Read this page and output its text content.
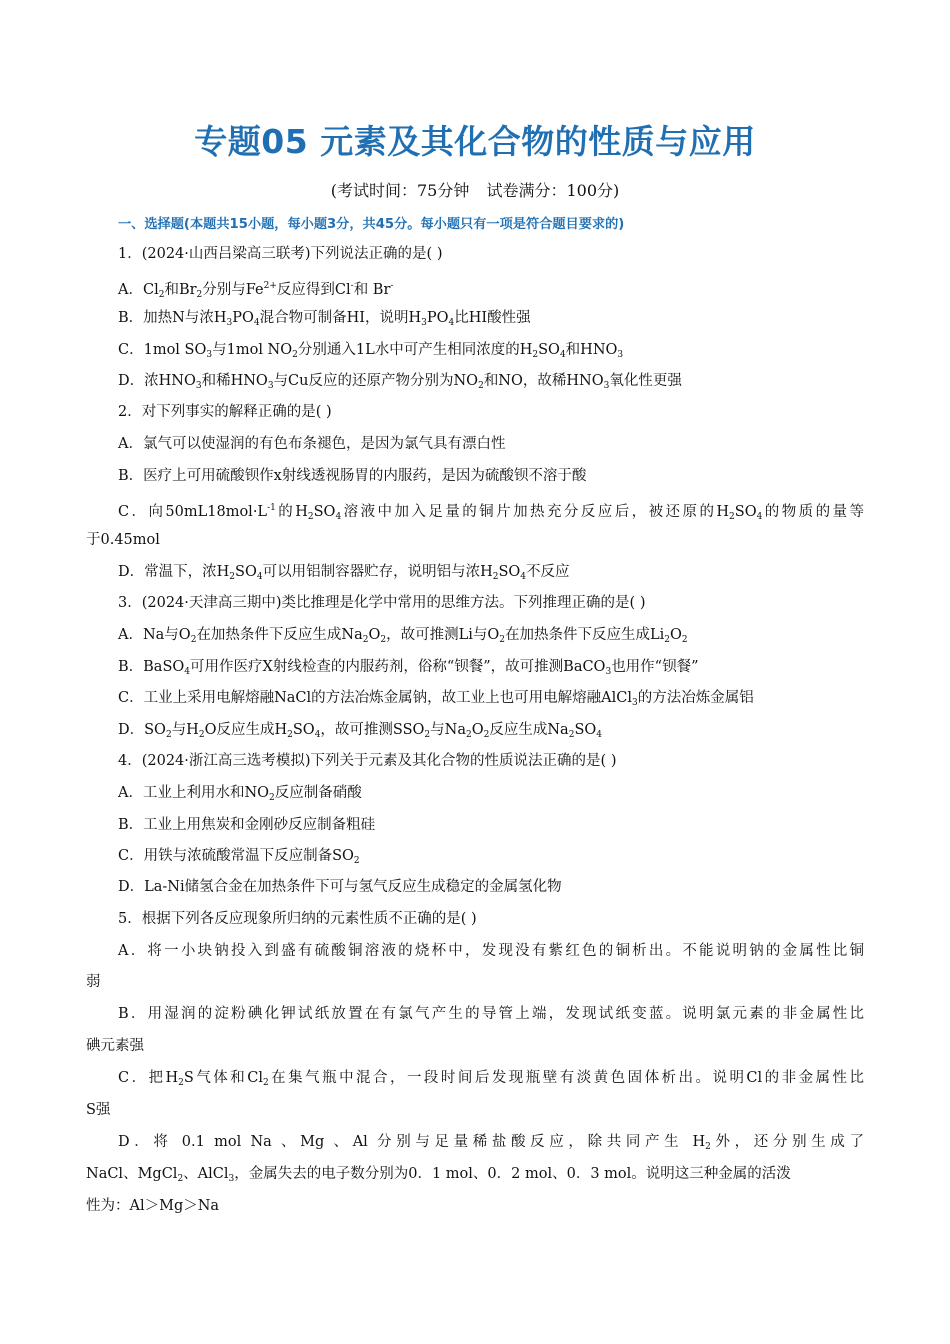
专题05 元素及其化合物的性质与应用
(考试时间：75分钟 试卷满分：100分)
一、选择题(本题共15小题，每小题3分，共45分。每小题只有一项是符合题目要求的)
1．(2024·山西吕梁高三联考)下列说法正确的是( )
A．$Cl_2$和$Br_2$分别与$Fe^{2+}$反应得到Cl-和 Br-
B．加热N与浓$H_3PO_4$混合物可制备HI，说明$H_3PO_4$比HI酸性强
C．1mol $SO_3$与1mol $NO_2$分别通入1L水中可产生相同浓度的$H_2SO_4$和$HNO_3$
D．浓$HNO_3$和稀$HNO_3$与Cu反应的还原产物分别为$NO_2$和NO，故稀$HNO_3$氧化性更强
2．对下列事实的解释正确的是( )
A．氯气可以使湿润的有色布条褪色，是因为氯气具有漂白性
B．医疗上可用硫酸钡作x射线透视肠胃的内服药，是因为硫酸钡不溶于酸
C．向$50mL18mol\cdot L^{-1}$的$H_2SO_4$溶液中加入足量的铜片加热充分反应后，被还原的$H_2SO_4$的物质的量等
于0.45mol
D．常温下，浓$H_2SO_4$可以用铝制容器贮存，说明铝与浓$H_2SO_4$不反应
3．(2024·天津高三期中)类比推理是化学中常用的思维方法。下列推理正确的是( )
A．Na与$O_2$在加热条件下反应生成$Na_2O_2$，故可推测Li与$O_2$在加热条件下反应生成$Li_2O_2$
B．BaSO$_4$可用作医疗X射线检查的内服药剂，俗称“钡餐”，故可推测BaCO$_3$也用作“钡餐”
C．工业上采用电解熔融NaCl的方法冶炼金属钠，故工业上也可用电解熔融AlCl$_3$的方法冶炼金属铝
D．$SO_2$与$H_2O$反应生成$H_2SO_4$，故可推测$SSO_2$与$Na_2O_2$反应生成$Na_2SO_4$
4．(2024·浙江高三选考模拟)下列关于元素及其化合物的性质说法正确的是( )
A．工业上利用水和$NO_2$反应制备硝酸
B．工业上用焦炭和金刚砂反应制备粗硅
C．用铁与浓硫酸常温下反应制备$SO_2$
D．La-Ni储氢合金在加热条件下可与氢气反应生成稳定的金属氢化物
5．根据下列各反应现象所归纳的元素性质不正确的是( )
A．将一小块钠投入到盛有硫酸铜溶液的烧杯中，发现没有紫红色的铜析出。不能说明钠的金属性比铜
弱
B．用湿润的淀粉碘化钾试纸放置在有氯气产生的导管上端，发现试纸变蓝。说明氯元素的非金属性比
碘元素强
C．把$H_2S$气体和$Cl_2$在集气瓶中混合，一段时间后发现瓶壁有淡黄色固体析出。说明Cl的非金属性比
S强
D．将 0.1 mol Na 、Mg 、Al 分别与足量稀盐酸反应，除共同产生 $H_2$外，还分别生成了
NaCl、MgCl$_2$、AlCl$_3$，金属失去的电子数分别为0．1 mol、0．2 mol、0．3 mol。说明这三种金属的活泼
性为：Al＞Mg＞Na
